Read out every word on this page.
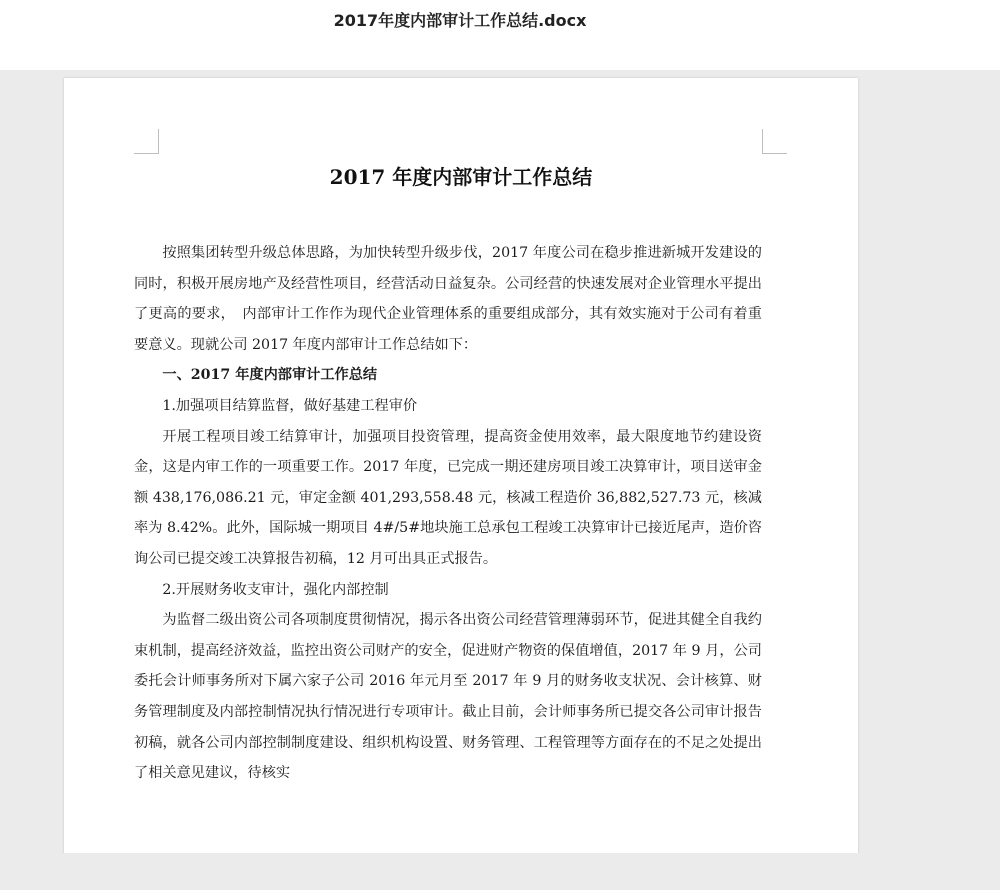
2017年度内部审计工作总结.docx
2017 年度内部审计工作总结

按照集团转型升级总体思路，为加快转型升级步伐，2017 年度公司在稳步推进新城开发建设的同时，积极开展房地产及经营性项目，经营活动日益复杂。公司经营的快速发展对企业管理水平提出了更高的要求，　内部审计工作作为现代企业管理体系的重要组成部分，其有效实施对于公司有着重要意义。现就公司 2017 年度内部审计工作总结如下：

一、2017 年度内部审计工作总结

1.加强项目结算监督，做好基建工程审价

开展工程项目竣工结算审计，加强项目投资管理，提高资金使用效率，最大限度地节约建设资金，这是内审工作的一项重要工作。2017 年度，已完成一期还建房项目竣工决算审计，项目送审金额 438,176,086.21 元，审定金额 401,293,558.48 元，核减工程造价 36,882,527.73 元，核减率为 8.42%。此外，国际城一期项目 4#/5#地块施工总承包工程竣工决算审计已接近尾声，造价咨询公司已提交竣工决算报告初稿，12 月可出具正式报告。

2.开展财务收支审计，强化内部控制

为监督二级出资公司各项制度贯彻情况，揭示各出资公司经营管理薄弱环节，促进其健全自我约束机制，提高经济效益，监控出资公司财产的安全，促进财产物资的保值增值，2017 年 9 月，公司委托会计师事务所对下属六家子公司 2016 年元月至 2017 年 9 月的财务收支状况、会计核算、财务管理制度及内部控制情况执行情况进行专项审计。截止目前，会计师事务所已提交各公司审计报告初稿，就各公司内部控制制度建设、组织机构设置、财务管理、工程管理等方面存在的不足之处提出了相关意见建议，待核实
